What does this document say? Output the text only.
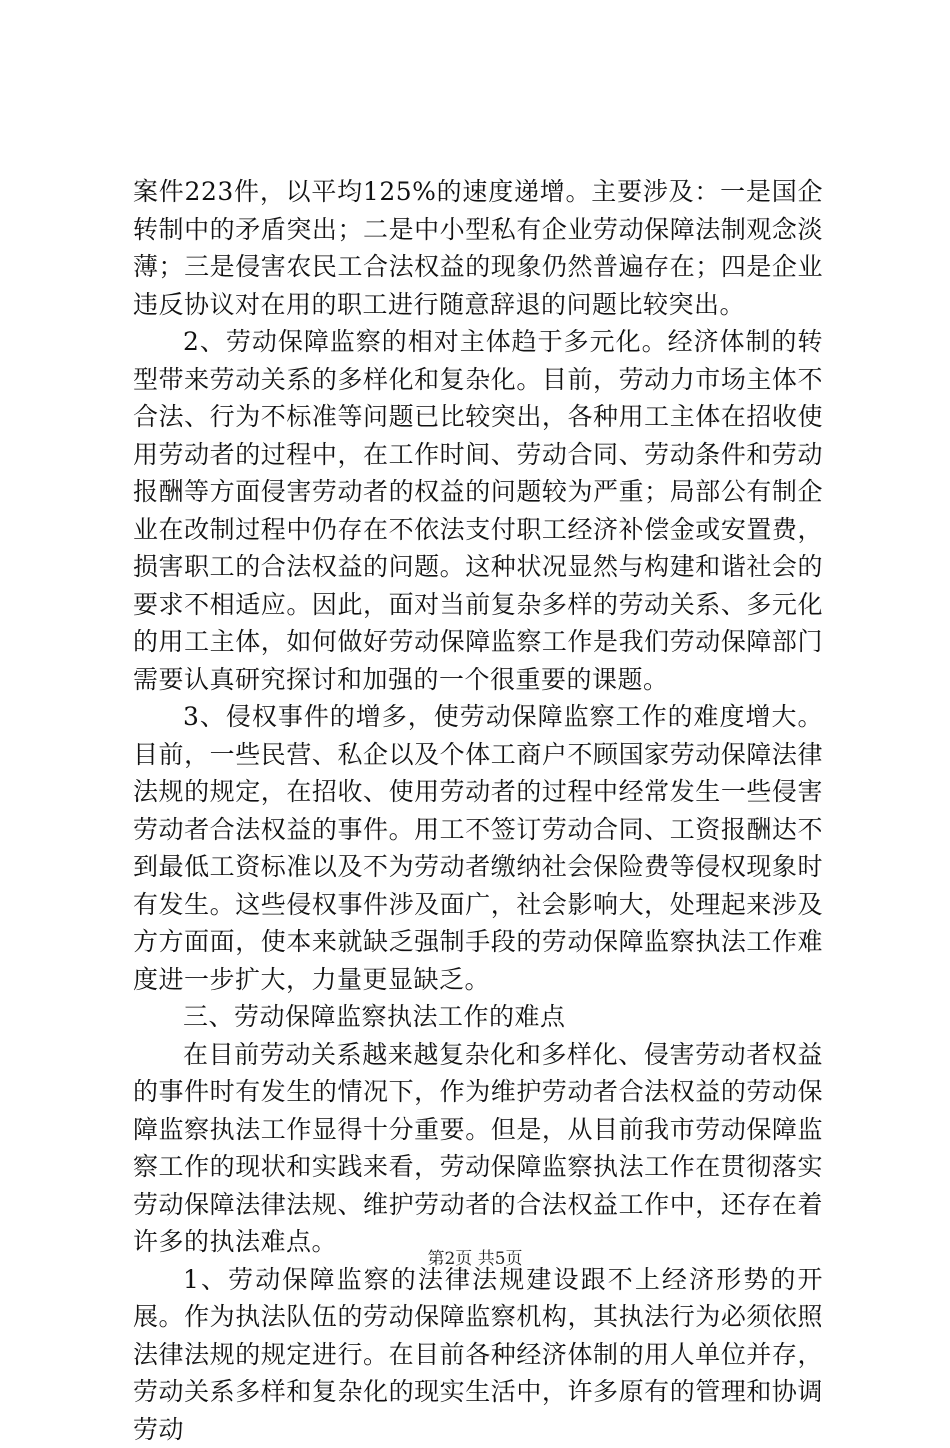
案件223件，以平均125%的速度递增。主要涉及：一是国企转制中的矛盾突出；二是中小型私有企业劳动保障法制观念淡薄；三是侵害农民工合法权益的现象仍然普遍存在；四是企业违反协议对在用的职工进行随意辞退的问题比较突出。

2、劳动保障监察的相对主体趋于多元化。经济体制的转型带来劳动关系的多样化和复杂化。目前，劳动力市场主体不合法、行为不标准等问题已比较突出，各种用工主体在招收使用劳动者的过程中，在工作时间、劳动合同、劳动条件和劳动报酬等方面侵害劳动者的权益的问题较为严重；局部公有制企业在改制过程中仍存在不依法支付职工经济补偿金或安置费，损害职工的合法权益的问题。这种状况显然与构建和谐社会的要求不相适应。因此，面对当前复杂多样的劳动关系、多元化的用工主体，如何做好劳动保障监察工作是我们劳动保障部门需要认真研究探讨和加强的一个很重要的课题。

3、侵权事件的增多，使劳动保障监察工作的难度增大。目前，一些民营、私企以及个体工商户不顾国家劳动保障法律法规的规定，在招收、使用劳动者的过程中经常发生一些侵害劳动者合法权益的事件。用工不签订劳动合同、工资报酬达不到最低工资标准以及不为劳动者缴纳社会保险费等侵权现象时有发生。这些侵权事件涉及面广，社会影响大，处理起来涉及方方面面，使本来就缺乏强制手段的劳动保障监察执法工作难度进一步扩大，力量更显缺乏。

三、劳动保障监察执法工作的难点

在目前劳动关系越来越复杂化和多样化、侵害劳动者权益的事件时有发生的情况下，作为维护劳动者合法权益的劳动保障监察执法工作显得十分重要。但是，从目前我市劳动保障监察工作的现状和实践来看，劳动保障监察执法工作在贯彻落实劳动保障法律法规、维护劳动者的合法权益工作中，还存在着许多的执法难点。

1、劳动保障监察的法律法规建设跟不上经济形势的开展。作为执法队伍的劳动保障监察机构，其执法行为必须依照法律法规的规定进行。在目前各种经济体制的用人单位并存，劳动关系多样和复杂化的现实生活中，许多原有的管理和协调劳动

第2页 共5页
